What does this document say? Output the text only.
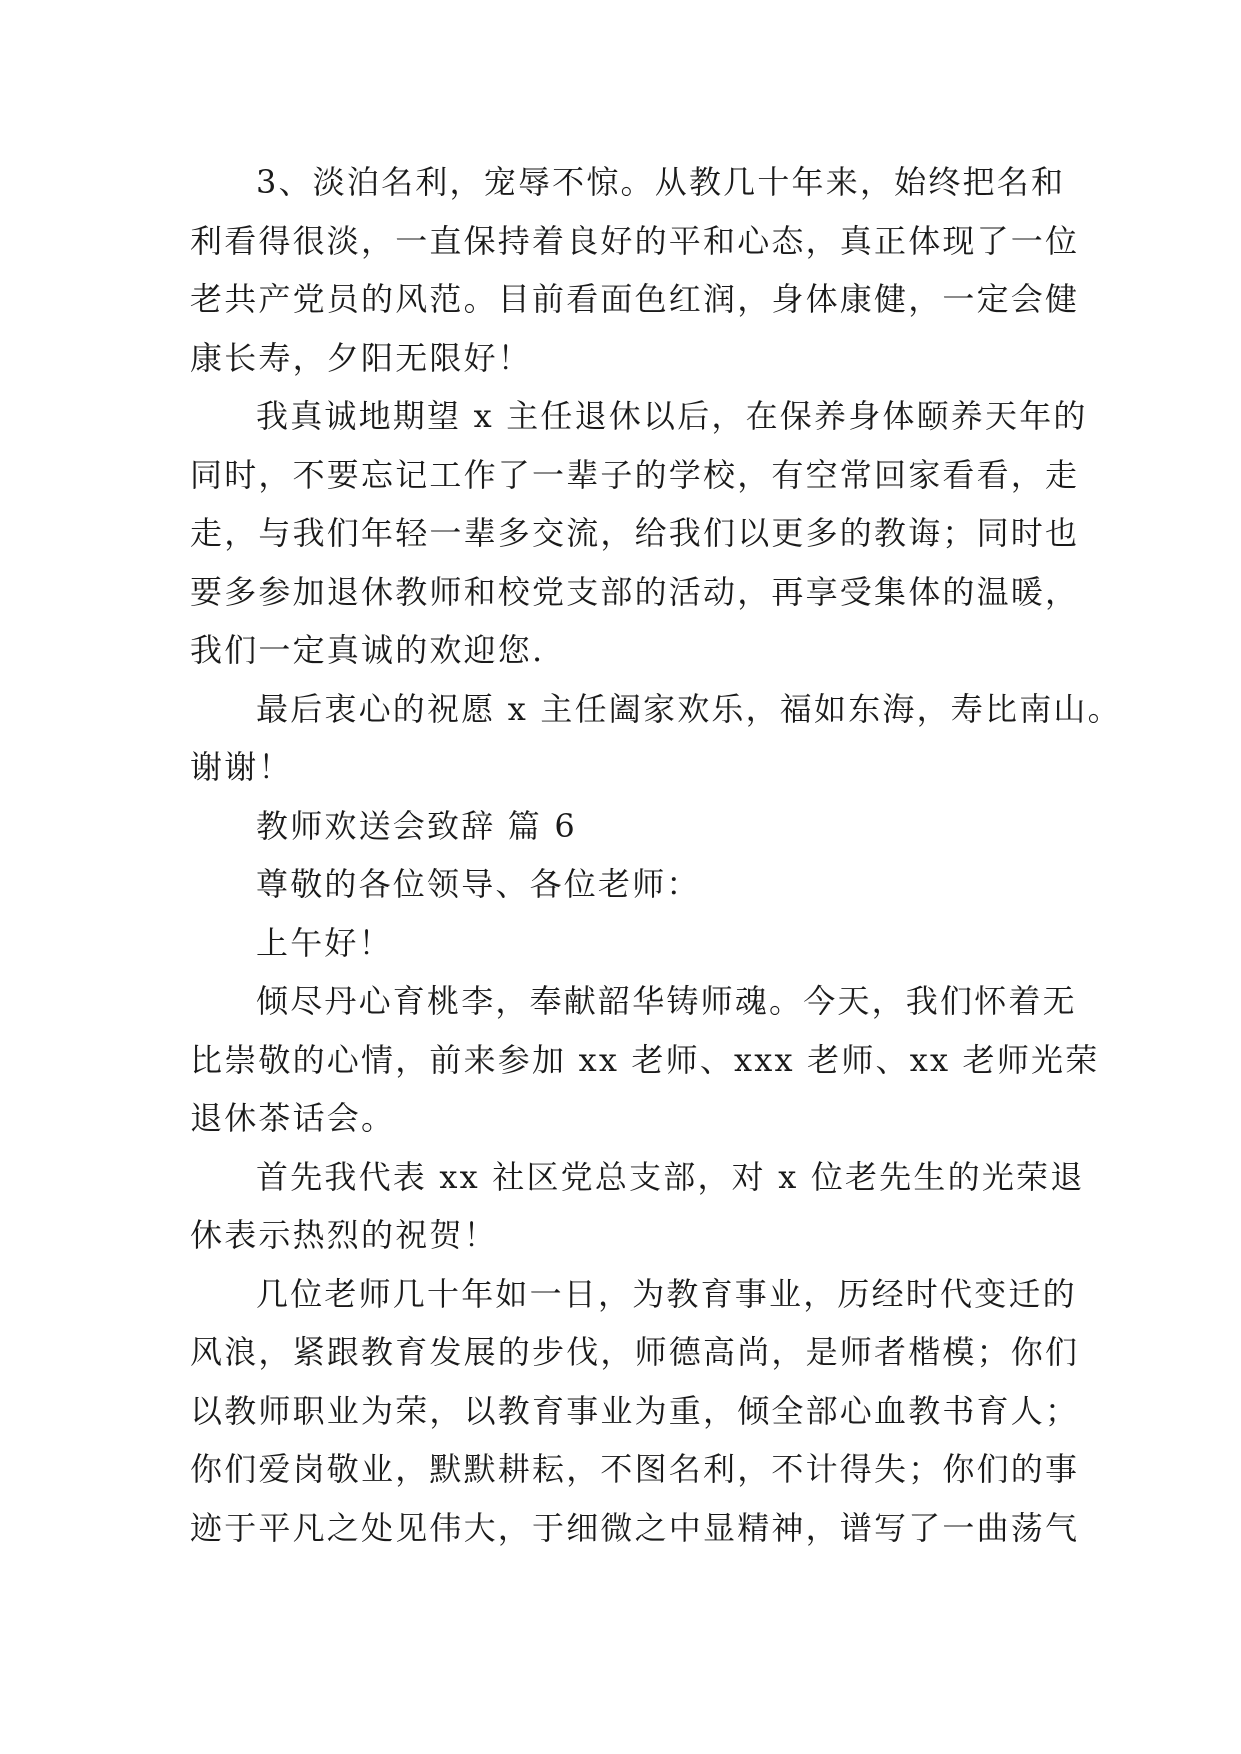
3、淡泊名利，宠辱不惊。从教几十年来，始终把名和
利看得很淡，一直保持着良好的平和心态，真正体现了一位
老共产党员的风范。目前看面色红润，身体康健，一定会健
康长寿，夕阳无限好！
我真诚地期望 x 主任退休以后，在保养身体颐养天年的
同时，不要忘记工作了一辈子的学校，有空常回家看看，走
走，与我们年轻一辈多交流，给我们以更多的教诲；同时也
要多参加退休教师和校党支部的活动，再享受集体的温暖，
我们一定真诚的欢迎您.
最后衷心的祝愿 x 主任阖家欢乐，福如东海，寿比南山。
谢谢！
教师欢送会致辞 篇 6
尊敬的各位领导、各位老师：
上午好！
倾尽丹心育桃李，奉献韶华铸师魂。今天，我们怀着无
比崇敬的心情，前来参加 xx 老师、xxx 老师、xx 老师光荣
退休茶话会。
首先我代表 xx 社区党总支部，对 x 位老先生的光荣退
休表示热烈的祝贺！
几位老师几十年如一日，为教育事业，历经时代变迁的
风浪，紧跟教育发展的步伐，师德高尚，是师者楷模；你们
以教师职业为荣，以教育事业为重，倾全部心血教书育人；
你们爱岗敬业，默默耕耘，不图名利，不计得失；你们的事
迹于平凡之处见伟大，于细微之中显精神，谱写了一曲荡气
